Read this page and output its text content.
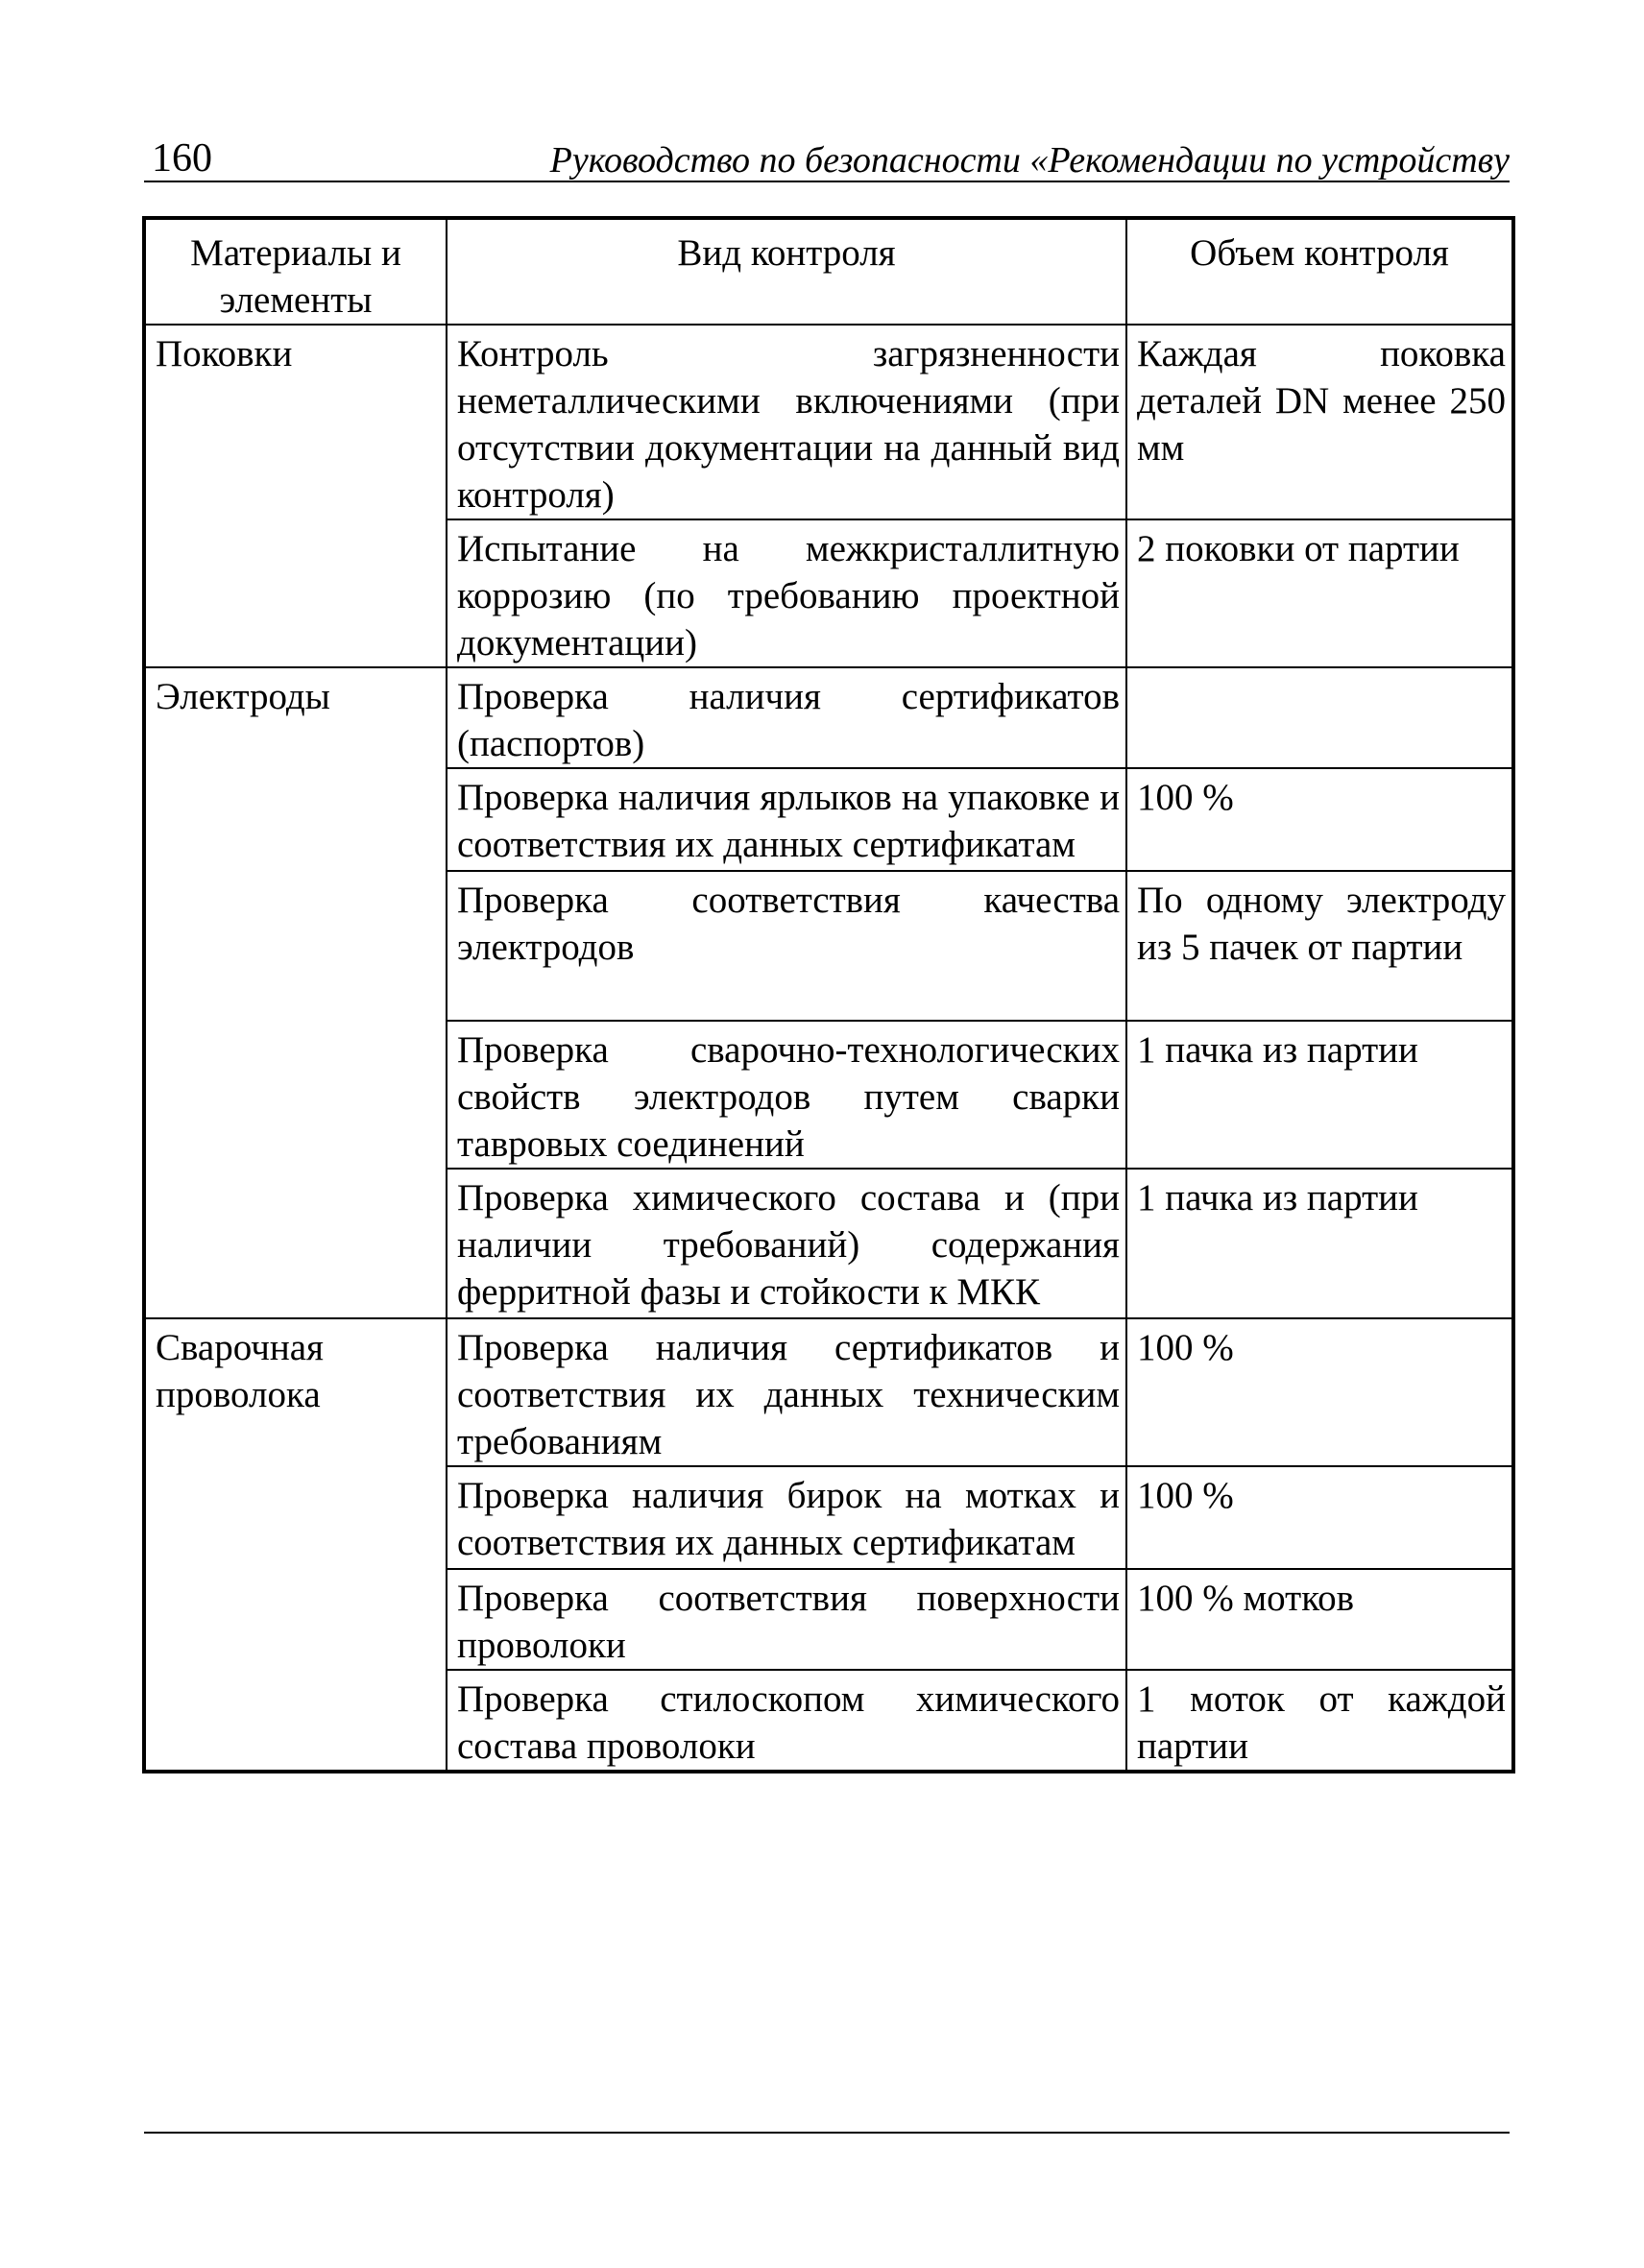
160	Руководство по безопасности «Рекомендации по устройству
Материалы и элементы	Вид контроля	Объем контроля
Поковки	Контроль загрязненности неметаллическими включениями (при отсутствии документации на данный вид контроля)	Каждая поковка деталей DN менее 250 мм
	Испытание на межкристаллитную коррозию (по требованию проектной документации)	2 поковки от партии
Электроды	Проверка наличия сертификатов (паспортов)	
	Проверка наличия ярлыков на упаковке и соответствия их данных сертификатам	100 %
	Проверка соответствия качества электродов	По одному электроду из 5 пачек от партии
	Проверка сварочно-технологических свойств электродов путем сварки тавровых соединений	1 пачка из партии
	Проверка химического состава и (при наличии требований) содержания ферритной фазы и стойкости к МКК	1 пачка из партии
Сварочная проволока	Проверка наличия сертификатов и соответствия их данных техническим требованиям	100 %
	Проверка наличия бирок на мотках и соответствия их данных сертификатам	100 %
	Проверка соответствия поверхности проволоки	100 % мотков
	Проверка стилоскопом химического состава проволоки	1 моток от каждой партии
